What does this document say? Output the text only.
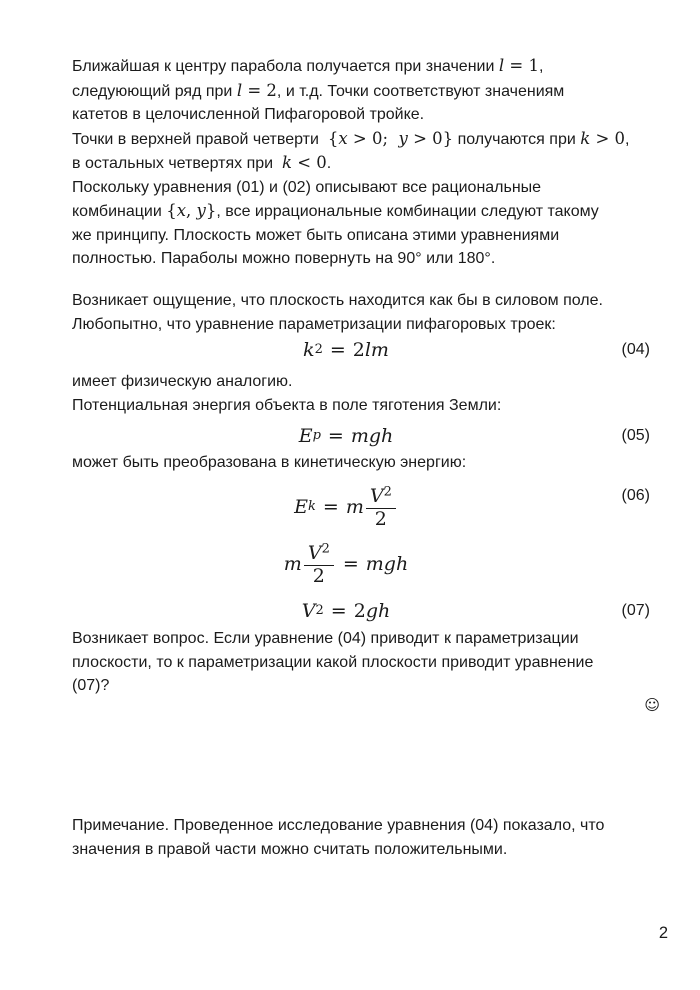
Ближайшая к центру парабола получается при значении l = 1,
следуюющий ряд при l = 2, и т.д. Точки соответствуют значениям
катетов в целочисленной Пифагоровой тройке.
Точки в верхней правой четверти  {x > 0;  y > 0} получаются при k > 0,
в остальных четвертях при  k < 0.
Поскольку уравнения (01) и (02) описывают все рациональные
комбинации {x, y}, все иррациональные комбинации следуют такому
же принципу. Плоскость может быть описана этими уравнениями
полностью. Параболы можно повернуть на 90° или 180°.
Возникает ощущение, что плоскость находится как бы в силовом поле.
Любопытно, что уравнение параметризации пифагоровых троек:
k 2 = 2 lm	(04)
имеет физическую аналогию.
Потенциальная энергия объекта в поле тяготения Земли:
E p = mgh	(05)
может быть преобразована в кинетическую энергию:
E k = m $\frac{V^2}{2}$	(06)
m $\frac{V^2}{2}$ = mgh
V 2 = 2 gh	(07)
Возникает вопрос. Если уравнение (04) приводит к параметризации
плоскости, то к параметризации какой плоскости приводит уравнение
(07)?
☺
Примечание. Проведенное исследование уравнения (04) показало, что
значения в правой части можно считать положительными.
2
